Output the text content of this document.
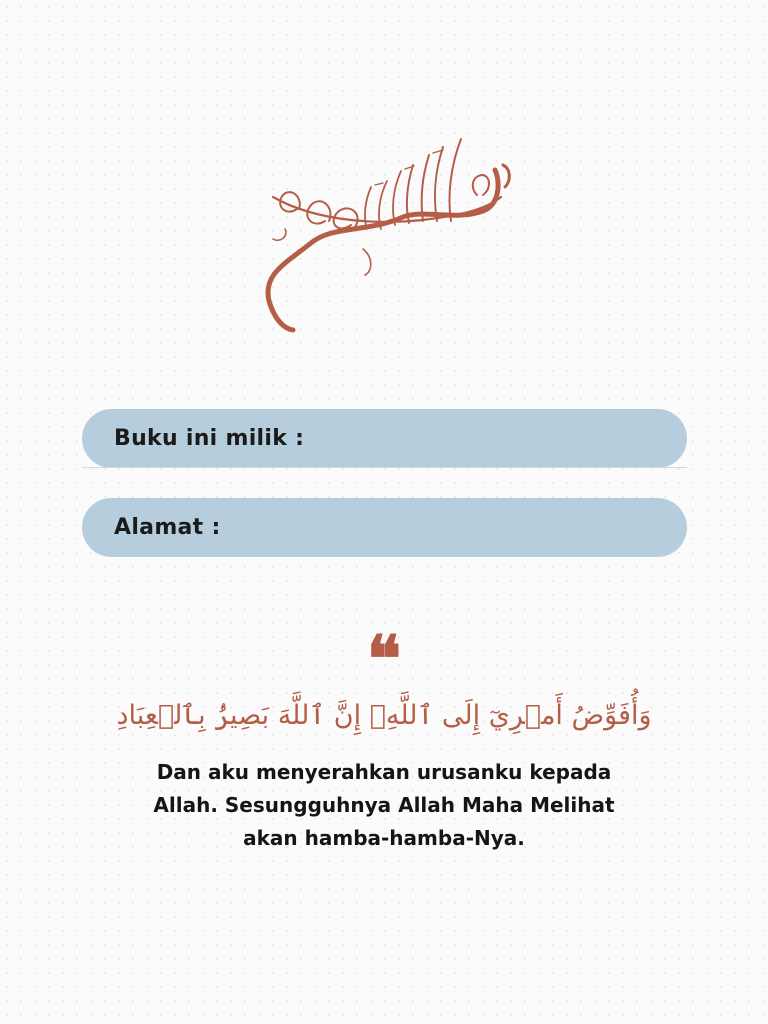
Buku ini milik :
Alamat :
❝
وَأُفَوِّضُ أَمۡرِيٓ إِلَى ٱللَّهِۚ إِنَّ ٱللَّهَ بَصِيرُۢ بِٱلۡعِبَادِ
Dan aku menyerahkan urusanku kepada Allah. Sesungguhnya Allah Maha Melihat akan hamba-hamba-Nya.
